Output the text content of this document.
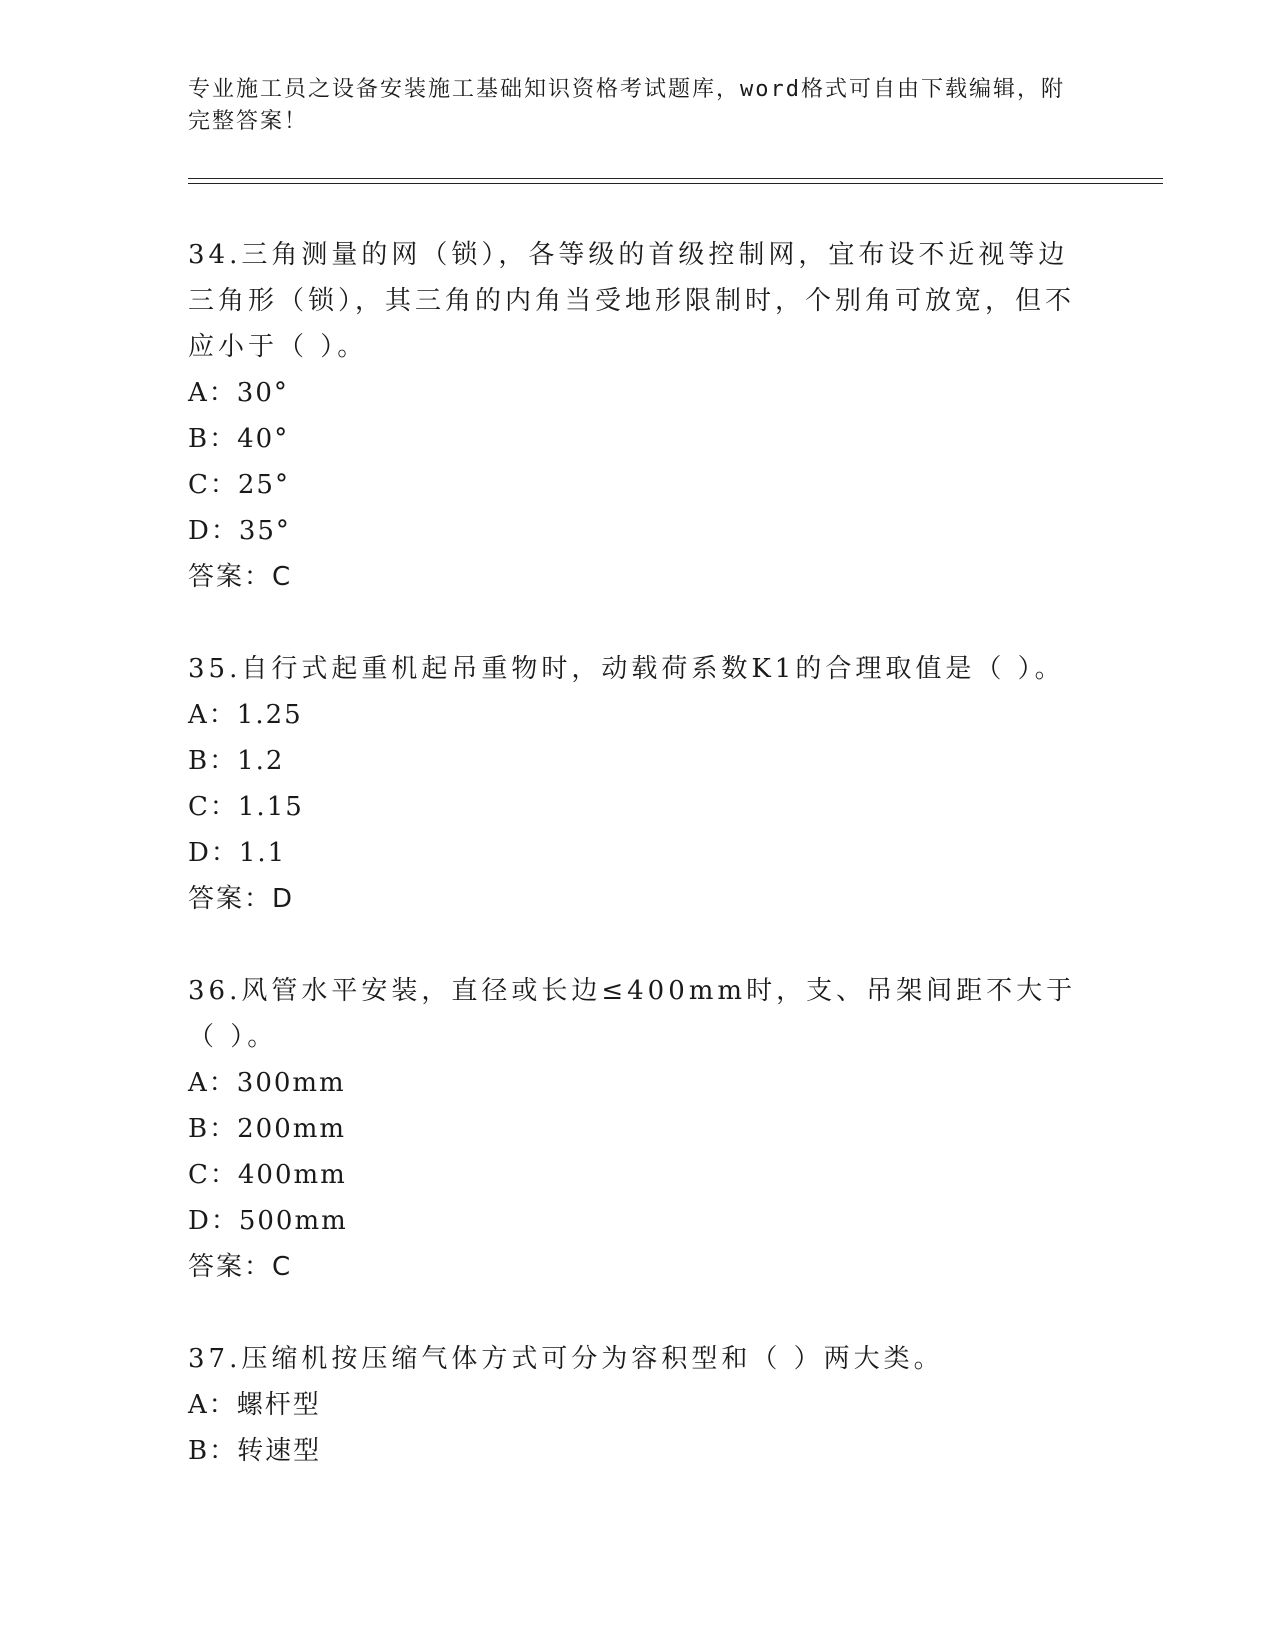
专业施工员之设备安装施工基础知识资格考试题库，word格式可自由下载编辑，附完整答案！

34.三角测量的网（锁），各等级的首级控制网，宜布设不近视等边三角形（锁），其三角的内角当受地形限制时，个别角可放宽，但不应小于（ ）。

A：30°

B：40°

C：25°

D：35°

答案：C

35.自行式起重机起吊重物时，动载荷系数K1的合理取值是（ ）。

A：1.25

B：1.2

C：1.15

D：1.1

答案：D

36.风管水平安装，直径或长边≤400mm时，支、吊架间距不大于（ ）。

A：300mm

B：200mm

C：400mm

D：500mm

答案：C

37.压缩机按压缩气体方式可分为容积型和（ ）两大类。

A：螺杆型

B：转速型
